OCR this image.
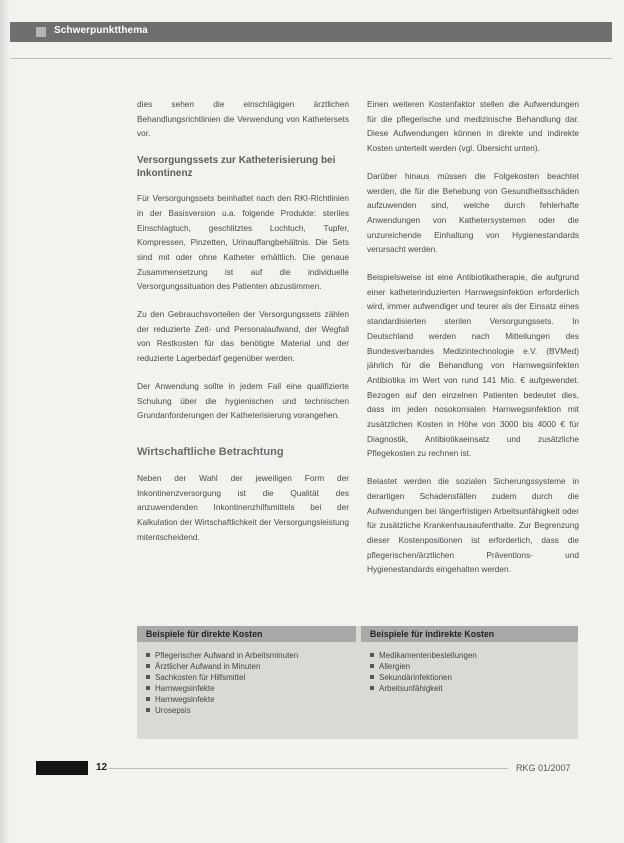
Schwerpunktthema

dies sehen die einschlägigen ärztlichen Behandlungsrichtlinien die Verwendung von Kathetersets vor.

Versorgungssets zur Katheterisierung bei Inkontinenz

Für Versorgungssets beinhaltet nach den RKI-Richtlinien in der Basisversion u.a. folgende Produkte: steriles Einschlagtuch, geschlitztes Lochtuch, Tupfer, Kompressen, Pinzetten, Urinauffangbehältnis. Die Sets sind mit oder ohne Katheter erhältlich. Die genaue Zusammensetzung ist auf die individuelle Versorgungssituation des Patienten abzustimmen.

Zu den Gebrauchsvorteilen der Versorgungssets zählen der reduzierte Zeit- und Personalaufwand, der Wegfall von Restkosten für das benötigte Material und der reduzierte Lagerbedarf gegenüber werden.

Der Anwendung sollte in jedem Fall eine qualifizierte Schulung über die hygienischen und technischen Grundanforderungen der Katheterisierung vorangehen.

Wirtschaftliche Betrachtung

Neben der Wahl der jeweiligen Form der Inkontinenzversorgung ist die Qualität des anzuwendenden Inkontinenzhilfsmittels bei der Kalkulation der Wirtschaftlichkeit der Versorgungsleistung mitentscheidend.

Einen weiteren Kostenfaktor stellen die Aufwendungen für die pflegerische und medizinische Behandlung dar. Diese Aufwendungen können in direkte und indirekte Kosten unterteilt werden (vgl. Übersicht unten).

Darüber hinaus müssen die Folgekosten beachtet werden, die für die Behebung von Gesundheitsschäden aufzuwenden sind, welche durch fehlerhafte Anwendungen von Kathetersystemen oder die unzureichende Einhaltung von Hygienestandards verursacht werden.

Beispielsweise ist eine Antibiotikatherapie, die aufgrund einer katheterinduzierten Harnwegsinfektion erforderlich wird, immer aufwendiger und teurer als der Einsatz eines standardisierten sterilen Versorgungssets. In Deutschland werden nach Mitteilungen des Bundesverbandes Medizintechnologie e.V. (BVMed) jährlich für die Behandlung von Harnwegsinfekten Antibiotika im Wert von rund 141 Mio. € aufgewendet. Bezogen auf den einzelnen Patienten bedeutet dies, dass im jeden nosokomialen Harnwegsinfektion mit zusätzlichen Kosten in Höhe von 3000 bis 4000 € für Diagnostik, Antibiotikaeinsatz und zusätzliche Pflegekosten zu rechnen ist.

Belastet werden die sozialen Sicherungssysteme in derartigen Schadensfällen zudem durch die Aufwendungen bei längerfristigen Arbeitsunfähigkeit oder für zusätzliche Krankenhausaufenthalte. Zur Begrenzung dieser Kostenpositionen ist erforderlich, dass die pflegerischen/ärztlichen Präventions- und Hygienestandards eingehalten werden.

Beispiele für direkte Kosten	Beispiele für indirekte Kosten
Pflegerischer Aufwand in Arbeitsminuten
Ärztlicher Aufwand in Minuten
Sachkosten für Hilfsmittel
Harnwegsinfekte
Harnwegsinfekte
Urosepsis
Medikamentenbestellungen
Allergien
Sekundärinfektionen
Arbeitsunfähigkeit
12	RKG 01/2007
